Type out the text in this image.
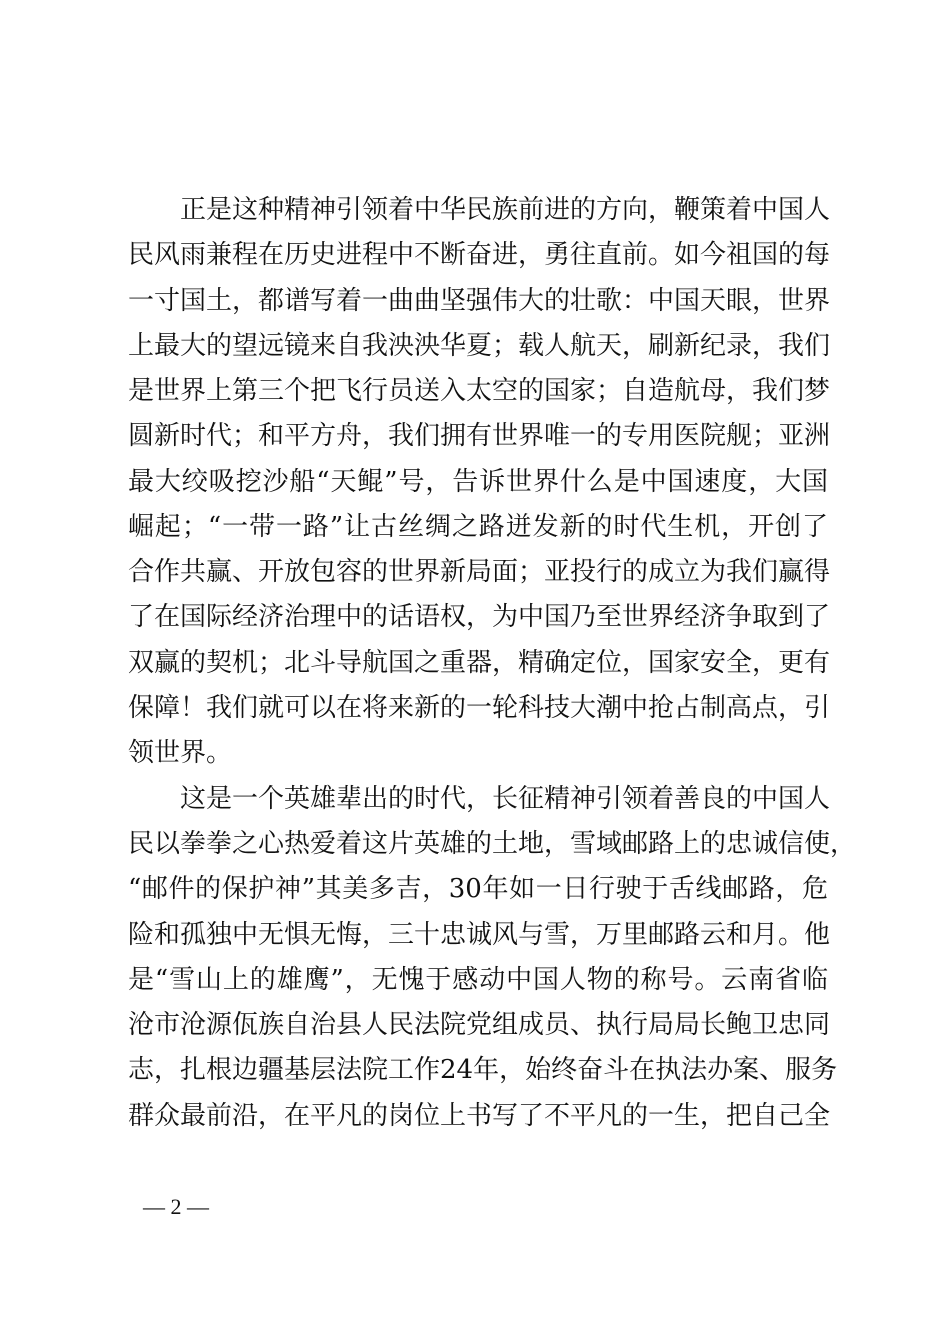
正是这种精神引领着中华民族前进的方向，鞭策着中国人
民风雨兼程在历史进程中不断奋进，勇往直前。如今祖国的每
一寸国土，都谱写着一曲曲坚强伟大的壮歌：中国天眼，世界
上最大的望远镜来自我泱泱华夏；载人航天，刷新纪录，我们
是世界上第三个把飞行员送入太空的国家；自造航母，我们梦
圆新时代；和平方舟，我们拥有世界唯一的专用医院舰；亚洲
最大绞吸挖沙船“天鲲”号，告诉世界什么是中国速度，大国
崛起；“一带一路”让古丝绸之路迸发新的时代生机，开创了
合作共赢、开放包容的世界新局面；亚投行的成立为我们赢得
了在国际经济治理中的话语权，为中国乃至世界经济争取到了
双赢的契机；北斗导航国之重器，精确定位，国家安全，更有
保障！我们就可以在将来新的一轮科技大潮中抢占制高点，引
领世界。
这是一个英雄辈出的时代，长征精神引领着善良的中国人
民以拳拳之心热爱着这片英雄的土地，雪域邮路上的忠诚信使，
“邮件的保护神”其美多吉，30年如一日行驶于舌线邮路，危
险和孤独中无惧无悔，三十忠诚风与雪，万里邮路云和月。他
是“雪山上的雄鹰”，无愧于感动中国人物的称号。云南省临
沧市沧源佤族自治县人民法院党组成员、执行局局长鲍卫忠同
志，扎根边疆基层法院工作24年，始终奋斗在执法办案、服务
群众最前沿，在平凡的岗位上书写了不平凡的一生，把自己全
— 2 —
